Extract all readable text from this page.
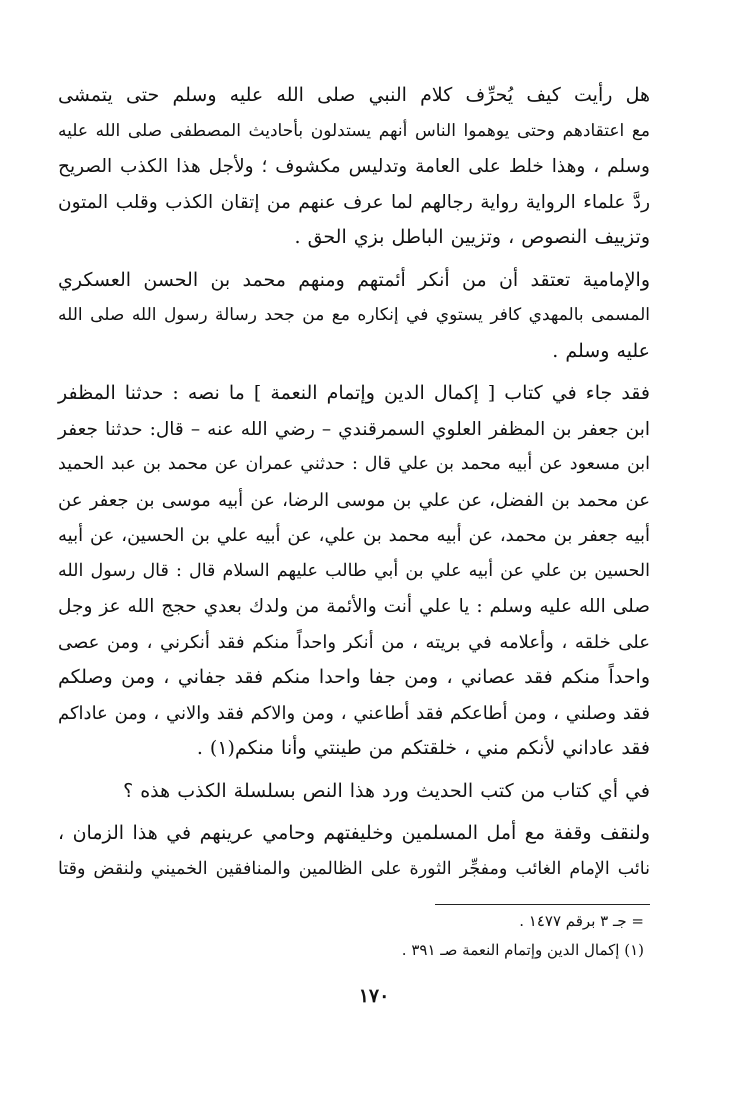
هل رأيت كيف يُحرِّف كلام النبي صلى الله عليه وسلم حتى يتمشى
مع اعتقادهم وحتى يوهموا الناس أنهم يستدلون بأحاديث المصطفى صلى الله عليه
وسلم ، وهذا خلط على العامة وتدليس مكشوف ؛ ولأجل هذا الكذب الصريح
ردَّ علماء الرواية رواية رجالهم لما عرف عنهم من إتقان الكذب وقلب المتون
وتزييف النصوص ، وتزيين الباطل بزي الحق .

والإمامية تعتقد أن من أنكر أئمتهم ومنهم محمد بن الحسن العسكري
المسمى بالمهدي كافر يستوي في إنكاره مع من جحد رسالة رسول الله صلى الله
عليه وسلم .

فقد جاء في كتاب [ إكمال الدين وإتمام النعمة ] ما نصه : حدثنا المظفر
ابن جعفر بن المظفر العلوي السمرقندي – رضي الله عنه – قال: حدثنا جعفر
ابن مسعود عن أبيه محمد بن علي قال : حدثني عمران عن محمد بن عبد الحميد
عن محمد بن الفضل، عن علي بن موسى الرضا، عن أبيه موسى بن جعفر عن
أبيه جعفر بن محمد، عن أبيه محمد بن علي، عن أبيه علي بن الحسين، عن أبيه
الحسين بن علي عن أبيه علي بن أبي طالب عليهم السلام قال : قال رسول الله
صلى الله عليه وسلم : يا علي أنت والأئمة من ولدك بعدي حجج الله عز وجل
على خلقه ، وأعلامه في بريته ، من أنكر واحداً منكم فقد أنكرني ، ومن عصى
واحداً منكم فقد عصاني ، ومن جفا واحدا منكم فقد جفاني ، ومن وصلكم
فقد وصلني ، ومن أطاعكم فقد أطاعني ، ومن والاكم فقد والاني ، ومن عاداكم
فقد عاداني لأنكم مني ، خلقتكم من طينتي وأنا منكم(١) .

في أي كتاب من كتب الحديث ورد هذا النص بسلسلة الكذب هذه ؟

ولنقف وقفة مع أمل المسلمين وخليفتهم وحامي عرينهم في هذا الزمان ،
نائب الإمام الغائب ومفجِّر الثورة على الظالمين والمنافقين الخميني ولنقض وقتا

= جـ ٣ برقم ١٤٧٧ .

(١) إكمال الدين وإتمام النعمة صـ ٣٩١ .

١٧٠
